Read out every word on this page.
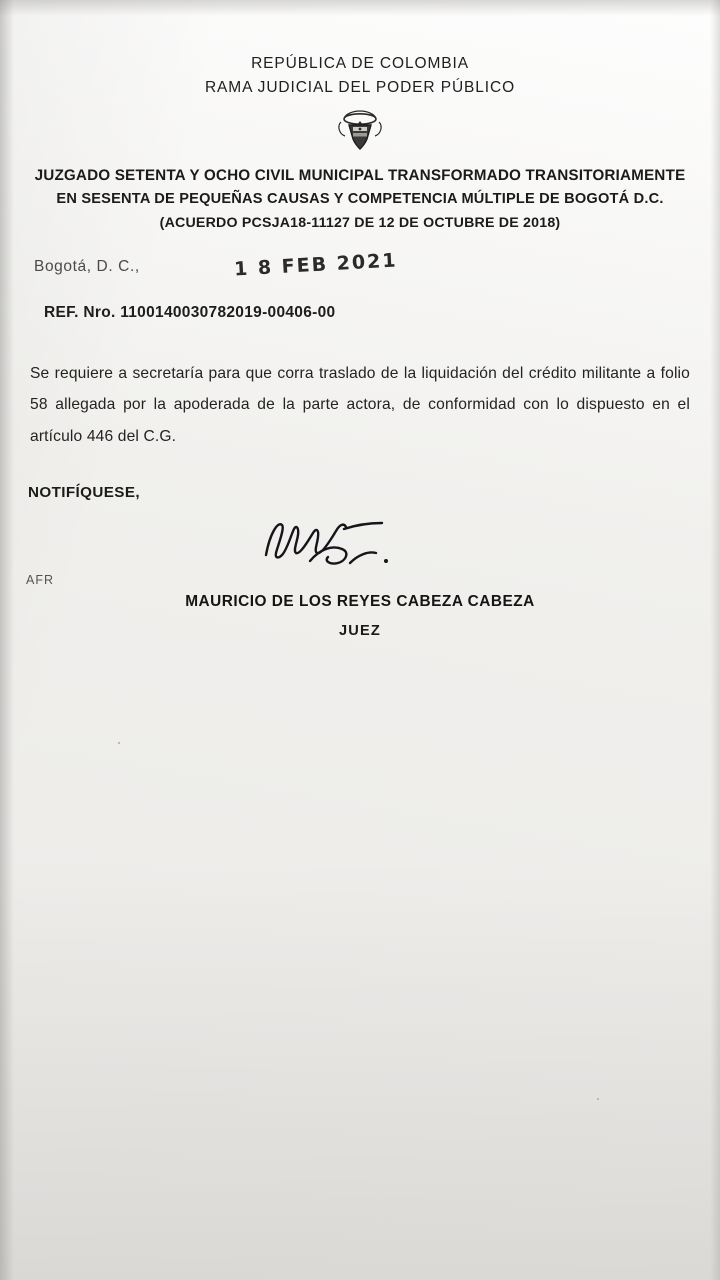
REPÚBLICA DE COLOMBIA
RAMA JUDICIAL DEL PODER PÚBLICO
JUZGADO SETENTA Y OCHO CIVIL MUNICIPAL TRANSFORMADO TRANSITORIAMENTE
EN SESENTA DE PEQUEÑAS CAUSAS Y COMPETENCIA MÚLTIPLE DE BOGOTÁ D.C.
(ACUERDO PCSJA18-11127 DE 12 DE OCTUBRE DE 2018)
Bogotá, D. C.,	1 8 FEB 2021
REF. Nro. 1100140030782019-00406-00
Se requiere a secretaría para que corra traslado de la liquidación del crédito militante a folio 58 allegada por la apoderada de la parte actora, de conformidad con lo dispuesto en el artículo 446 del C.G.
NOTIFÍQUESE,
AFR
MAURICIO DE LOS REYES CABEZA CABEZA
JUEZ
